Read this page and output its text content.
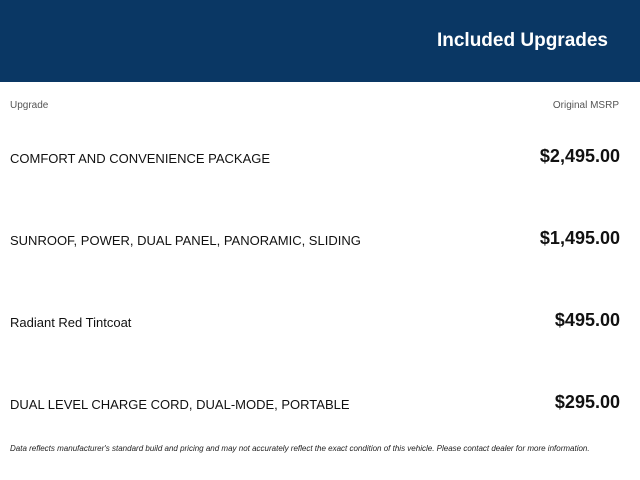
Included Upgrades
Upgrade	Original MSRP
COMFORT AND CONVENIENCE PACKAGE	$2,495.00
SUNROOF, POWER, DUAL PANEL, PANORAMIC, SLIDING	$1,495.00
Radiant Red Tintcoat	$495.00
DUAL LEVEL CHARGE CORD, DUAL-MODE, PORTABLE	$295.00
Data reflects manufacturer's standard build and pricing and may not accurately reflect the exact condition of this vehicle. Please contact dealer for more information.
